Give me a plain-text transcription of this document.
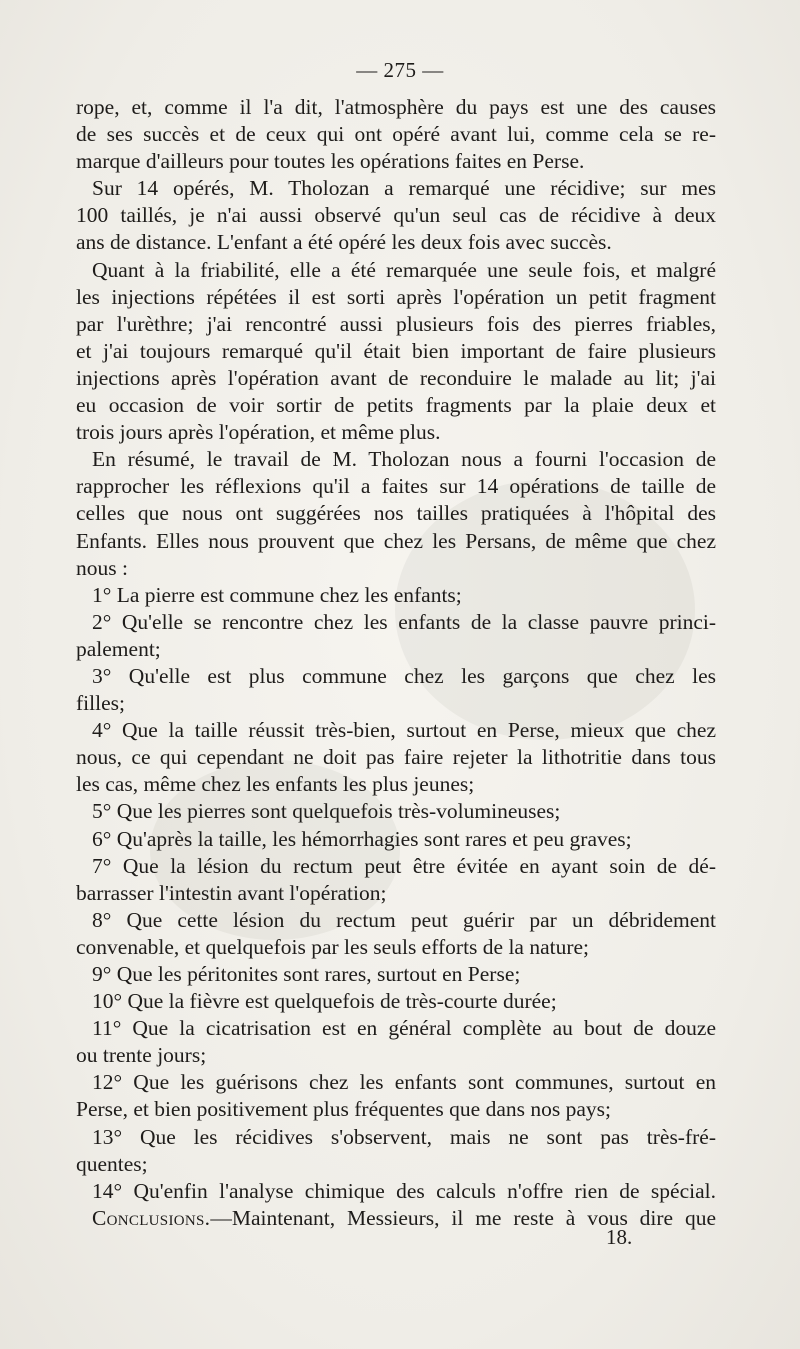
— 275 —
rope, et, comme il l'a dit, l'atmosphère du pays est une des causes
de ses succès et de ceux qui ont opéré avant lui, comme cela se re-
marque d'ailleurs pour toutes les opérations faites en Perse.
Sur 14 opérés, M. Tholozan a remarqué une récidive; sur mes
100 taillés, je n'ai aussi observé qu'un seul cas de récidive à deux
ans de distance. L'enfant a été opéré les deux fois avec succès.
Quant à la friabilité, elle a été remarquée une seule fois, et malgré
les injections répétées il est sorti après l'opération un petit fragment
par l'urèthre; j'ai rencontré aussi plusieurs fois des pierres friables,
et j'ai toujours remarqué qu'il était bien important de faire plusieurs
injections après l'opération avant de reconduire le malade au lit; j'ai
eu occasion de voir sortir de petits fragments par la plaie deux et
trois jours après l'opération, et même plus.
En résumé, le travail de M. Tholozan nous a fourni l'occasion de
rapprocher les réflexions qu'il a faites sur 14 opérations de taille de
celles que nous ont suggérées nos tailles pratiquées à l'hôpital des
Enfants. Elles nous prouvent que chez les Persans, de même que chez
nous :
1° La pierre est commune chez les enfants;
2° Qu'elle se rencontre chez les enfants de la classe pauvre princi-
palement;
3° Qu'elle est plus commune chez les garçons que chez les
filles;
4° Que la taille réussit très-bien, surtout en Perse, mieux que chez
nous, ce qui cependant ne doit pas faire rejeter la lithotritie dans tous
les cas, même chez les enfants les plus jeunes;
5° Que les pierres sont quelquefois très-volumineuses;
6° Qu'après la taille, les hémorrhagies sont rares et peu graves;
7° Que la lésion du rectum peut être évitée en ayant soin de dé-
barrasser l'intestin avant l'opération;
8° Que cette lésion du rectum peut guérir par un débridement
convenable, et quelquefois par les seuls efforts de la nature;
9° Que les péritonites sont rares, surtout en Perse;
10° Que la fièvre est quelquefois de très-courte durée;
11° Que la cicatrisation est en général complète au bout de douze
ou trente jours;
12° Que les guérisons chez les enfants sont communes, surtout en
Perse, et bien positivement plus fréquentes que dans nos pays;
13° Que les récidives s'observent, mais ne sont pas très-fré-
quentes;
14° Qu'enfin l'analyse chimique des calculs n'offre rien de spécial.
Conclusions.—Maintenant, Messieurs, il me reste à vous dire que
18.
